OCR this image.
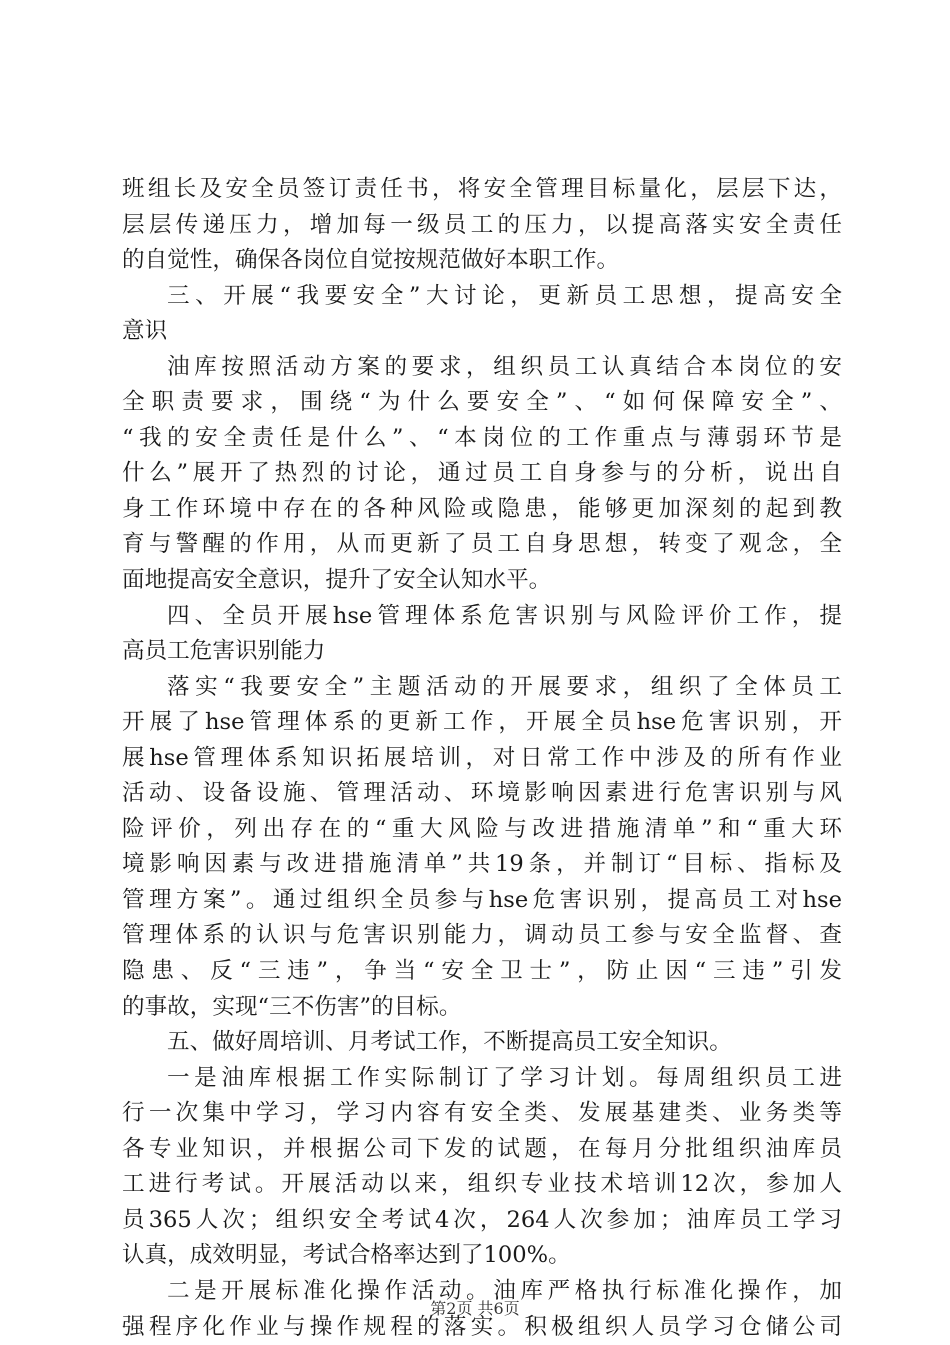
班组长及安全员签订责任书，将安全管理目标量化，层层下达，
层层传递压力，增加每一级员工的压力，以提高落实安全责任
的自觉性，确保各岗位自觉按规范做好本职工作。
三、开展“我要安全”大讨论，更新员工思想，提高安全
意识
油库按照活动方案的要求，组织员工认真结合本岗位的安
全职责要求，围绕“为什么要安全”、“如何保障安全”、
“我的安全责任是什么”、“本岗位的工作重点与薄弱环节是
什么”展开了热烈的讨论，通过员工自身参与的分析，说出自
身工作环境中存在的各种风险或隐患，能够更加深刻的起到教
育与警醒的作用，从而更新了员工自身思想，转变了观念，全
面地提高安全意识，提升了安全认知水平。
四、全员开展hse管理体系危害识别与风险评价工作，提
高员工危害识别能力
落实“我要安全”主题活动的开展要求，组织了全体员工
开展了hse管理体系的更新工作，开展全员hse危害识别，开
展hse管理体系知识拓展培训，对日常工作中涉及的所有作业
活动、设备设施、管理活动、环境影响因素进行危害识别与风
险评价，列出存在的“重大风险与改进措施清单”和“重大环
境影响因素与改进措施清单”共19条，并制订“目标、指标及
管理方案”。通过组织全员参与hse危害识别，提高员工对hse
管理体系的认识与危害识别能力，调动员工参与安全监督、查
隐患、反“三违”，争当“安全卫士”，防止因“三违”引发
的事故，实现“三不伤害”的目标。
五、做好周培训、月考试工作，不断提高员工安全知识。
一是油库根据工作实际制订了学习计划。每周组织员工进
行一次集中学习，学习内容有安全类、发展基建类、业务类等
各专业知识，并根据公司下发的试题，在每月分批组织油库员
工进行考试。开展活动以来，组织专业技术培训12次，参加人
员365人次；组织安全考试4次，264人次参加；油库员工学习
认真，成效明显，考试合格率达到了100%。
二是开展标准化操作活动。油库严格执行标准化操作，加
强程序化作业与操作规程的落实。积极组织人员学习仓储公司
第2页 共6页
